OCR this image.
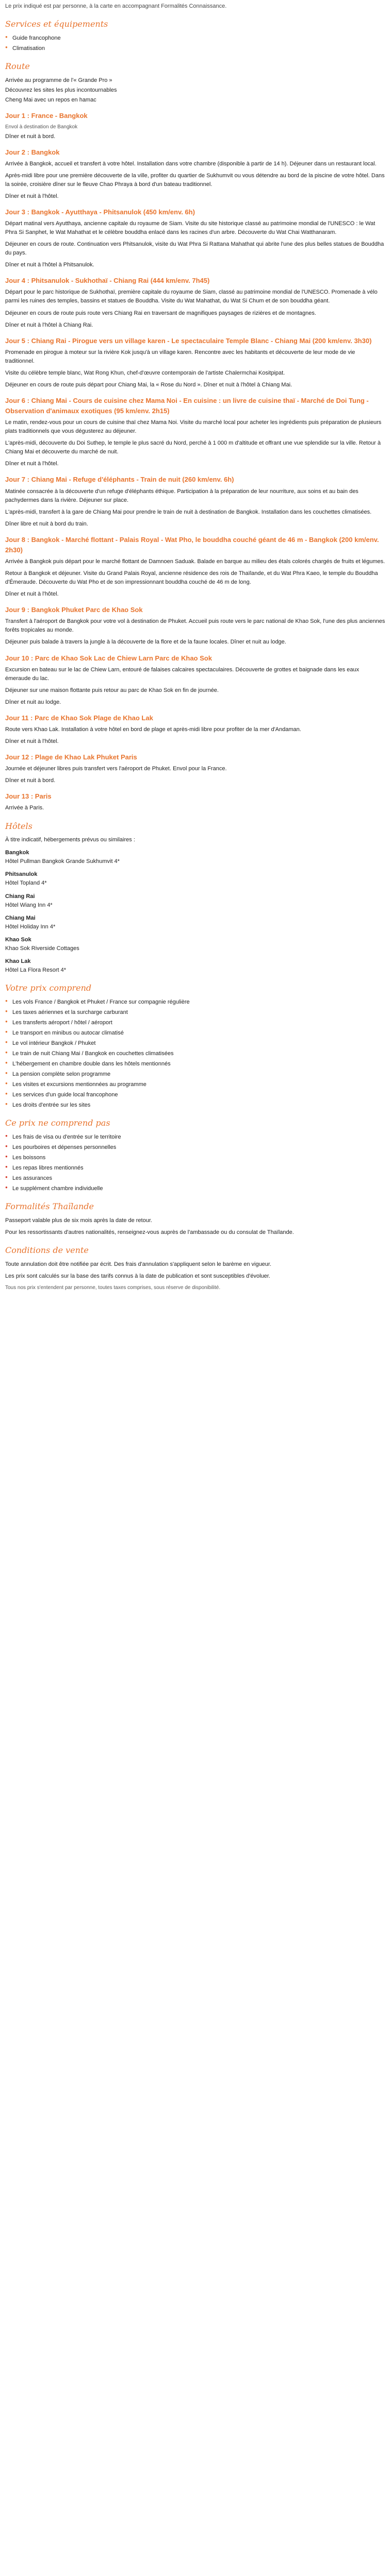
Le prix indiqué est par personne, à la carte en accompagnant Formalités Connaissance.

Services et équipements
● Guide francophone
● Climatisation
Route

Arrivée au programme de l'« Grande Pro »

Découvrez les sites les plus incontournables

Cheng Mai avec un repos en hamac

Jour 1 : France - Bangkok

Envol à destination de Bangkok

Dîner et nuit à bord.

Jour 2 : Bangkok

Arrivée à Bangkok, accueil et transfert à votre hôtel. Installation dans votre chambre (disponible à partir de 14 h). Déjeuner dans un restaurant local.

Après-midi libre pour une première découverte de la ville, profiter du quartier de Sukhumvit ou vous détendre au bord de la piscine de votre hôtel. Dans la soirée, croisière dîner sur le fleuve Chao Phraya à bord d'un bateau traditionnel.

Dîner et nuit à l'hôtel.

Jour 3 : Bangkok - Ayutthaya - Phitsanulok (450 km/env. 6h)

Départ matinal vers Ayutthaya, ancienne capitale du royaume de Siam. Visite du site historique classé au patrimoine mondial de l'UNESCO : le Wat Phra Si Sanphet, le Wat Mahathat et le célèbre bouddha enlacé dans les racines d'un arbre. Découverte du Wat Chai Watthanaram.

Déjeuner en cours de route. Continuation vers Phitsanulok, visite du Wat Phra Si Rattana Mahathat qui abrite l'une des plus belles statues de Bouddha du pays.

Dîner et nuit à l'hôtel à Phitsanulok.

Jour 4 : Phitsanulok - Sukhothaï - Chiang Rai (444 km/env. 7h45)

Départ pour le parc historique de Sukhothaï, première capitale du royaume de Siam, classé au patrimoine mondial de l'UNESCO. Promenade à vélo parmi les ruines des temples, bassins et statues de Bouddha. Visite du Wat Mahathat, du Wat Si Chum et de son bouddha géant.

Déjeuner en cours de route puis route vers Chiang Rai en traversant de magnifiques paysages de rizières et de montagnes.

Dîner et nuit à l'hôtel à Chiang Rai.

Jour 5 : Chiang Rai - Pirogue vers un village karen - Le spectaculaire Temple Blanc - Chiang Mai (200 km/env. 3h30)

Promenade en pirogue à moteur sur la rivière Kok jusqu'à un village karen. Rencontre avec les habitants et découverte de leur mode de vie traditionnel.

Visite du célèbre temple blanc, Wat Rong Khun, chef-d'œuvre contemporain de l'artiste Chalermchai Kositpipat.

Déjeuner en cours de route puis départ pour Chiang Mai, la « Rose du Nord ». Dîner et nuit à l'hôtel à Chiang Mai.

Jour 6 : Chiang Mai - Cours de cuisine chez Mama Noi - En cuisine : un livre de cuisine thaï - Marché de Doi Tung - Observation d'animaux exotiques (95 km/env. 2h15)

Le matin, rendez-vous pour un cours de cuisine thaï chez Mama Noi. Visite du marché local pour acheter les ingrédients puis préparation de plusieurs plats traditionnels que vous dégusterez au déjeuner.

L'après-midi, découverte du Doi Suthep, le temple le plus sacré du Nord, perché à 1 000 m d'altitude et offrant une vue splendide sur la ville. Retour à Chiang Mai et découverte du marché de nuit.

Dîner et nuit à l'hôtel.

Jour 7 : Chiang Mai - Refuge d'éléphants - Train de nuit (260 km/env. 6h)

Matinée consacrée à la découverte d'un refuge d'éléphants éthique. Participation à la préparation de leur nourriture, aux soins et au bain des pachydermes dans la rivière. Déjeuner sur place.

L'après-midi, transfert à la gare de Chiang Mai pour prendre le train de nuit à destination de Bangkok. Installation dans les couchettes climatisées.

Dîner libre et nuit à bord du train.

Jour 8 : Bangkok - Marché flottant - Palais Royal - Wat Pho, le bouddha couché géant de 46 m - Bangkok (200 km/env. 2h30)

Arrivée à Bangkok puis départ pour le marché flottant de Damnoen Saduak. Balade en barque au milieu des étals colorés chargés de fruits et légumes.

Retour à Bangkok et déjeuner. Visite du Grand Palais Royal, ancienne résidence des rois de Thaïlande, et du Wat Phra Kaeo, le temple du Bouddha d'Émeraude. Découverte du Wat Pho et de son impressionnant bouddha couché de 46 m de long.

Dîner et nuit à l'hôtel.

Jour 9 : Bangkok Phuket Parc de Khao Sok

Transfert à l'aéroport de Bangkok pour votre vol à destination de Phuket. Accueil puis route vers le parc national de Khao Sok, l'une des plus anciennes forêts tropicales au monde.

Déjeuner puis balade à travers la jungle à la découverte de la flore et de la faune locales. Dîner et nuit au lodge.

Jour 10 : Parc de Khao Sok Lac de Chiew Larn Parc de Khao Sok

Excursion en bateau sur le lac de Chiew Larn, entouré de falaises calcaires spectaculaires. Découverte de grottes et baignade dans les eaux émeraude du lac.

Déjeuner sur une maison flottante puis retour au parc de Khao Sok en fin de journée.

Dîner et nuit au lodge.

Jour 11 : Parc de Khao Sok Plage de Khao Lak

Route vers Khao Lak. Installation à votre hôtel en bord de plage et après-midi libre pour profiter de la mer d'Andaman.

Dîner et nuit à l'hôtel.

Jour 12 : Plage de Khao Lak Phuket Paris

Journée et déjeuner libres puis transfert vers l'aéroport de Phuket. Envol pour la France.

Dîner et nuit à bord.

Jour 13 : Paris

Arrivée à Paris.

Hôtels

À titre indicatif, hébergements prévus ou similaires :

Bangkok
Hôtel Pullman Bangkok Grande Sukhumvit 4*
Phitsanulok
Hôtel Topland 4*
Chiang Rai
Hôtel Wiang Inn 4*
Chiang Mai
Hôtel Holiday Inn 4*
Khao Sok
Khao Sok Riverside Cottages
Khao Lak
Hôtel La Flora Resort 4*
Votre prix comprend
● Les vols France / Bangkok et Phuket / France sur compagnie régulière
● Les taxes aériennes et la surcharge carburant
● Les transferts aéroport / hôtel / aéroport
● Le transport en minibus ou autocar climatisé
● Le vol intérieur Bangkok / Phuket
● Le train de nuit Chiang Mai / Bangkok en couchettes climatisées
● L'hébergement en chambre double dans les hôtels mentionnés
● La pension complète selon programme
● Les visites et excursions mentionnées au programme
● Les services d'un guide local francophone
● Les droits d'entrée sur les sites
Ce prix ne comprend pas
● Les frais de visa ou d'entrée sur le territoire
● Les pourboires et dépenses personnelles
● Les boissons
● Les repas libres mentionnés
● Les assurances
● Le supplément chambre individuelle
Formalités Thaïlande

Passeport valable plus de six mois après la date de retour.

Pour les ressortissants d'autres nationalités, renseignez-vous auprès de l'ambassade ou du consulat de Thaïlande.

Conditions de vente

Toute annulation doit être notifiée par écrit. Des frais d'annulation s'appliquent selon le barème en vigueur.

Les prix sont calculés sur la base des tarifs connus à la date de publication et sont susceptibles d'évoluer.

Tous nos prix s'entendent par personne, toutes taxes comprises, sous réserve de disponibilité.
